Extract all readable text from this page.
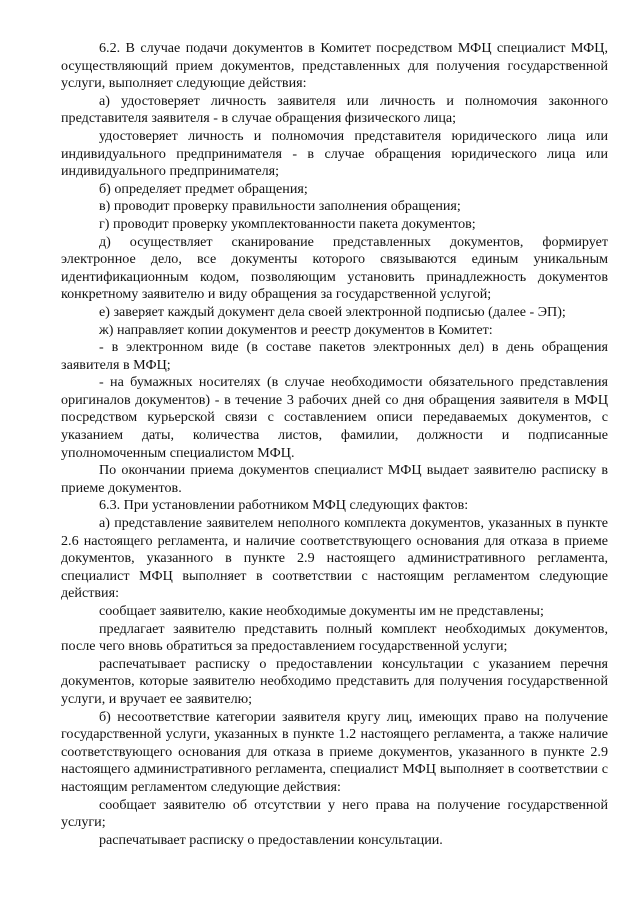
6.2. В случае подачи документов в Комитет посредством МФЦ специалист МФЦ, осуществляющий прием документов, представленных для получения государственной услуги, выполняет следующие действия:

а) удостоверяет личность заявителя или личность и полномочия законного представителя заявителя - в случае обращения физического лица;

удостоверяет личность и полномочия представителя юридического лица или индивидуального предпринимателя - в случае обращения юридического лица или индивидуального предпринимателя;

б) определяет предмет обращения;

в) проводит проверку правильности заполнения обращения;

г) проводит проверку укомплектованности пакета документов;

д) осуществляет сканирование представленных документов, формирует электронное дело, все документы которого связываются единым уникальным идентификационным кодом, позволяющим установить принадлежность документов конкретному заявителю и виду обращения за государственной услугой;

е) заверяет каждый документ дела своей электронной подписью (далее - ЭП);

ж) направляет копии документов и реестр документов в Комитет:

- в электронном виде (в составе пакетов электронных дел) в день обращения заявителя в МФЦ;

- на бумажных носителях (в случае необходимости обязательного представления оригиналов документов) - в течение 3 рабочих дней со дня обращения заявителя в МФЦ посредством курьерской связи с составлением описи передаваемых документов, с указанием даты, количества листов, фамилии, должности и подписанные уполномоченным специалистом МФЦ.

По окончании приема документов специалист МФЦ выдает заявителю расписку в приеме документов.

6.3. При установлении работником МФЦ следующих фактов:

а) представление заявителем неполного комплекта документов, указанных в пункте 2.6 настоящего регламента, и наличие соответствующего основания для отказа в приеме документов, указанного в пункте 2.9 настоящего административного регламента, специалист МФЦ выполняет в соответствии с настоящим регламентом следующие действия:

сообщает заявителю, какие необходимые документы им не представлены;

предлагает заявителю представить полный комплект необходимых документов, после чего вновь обратиться за предоставлением государственной услуги;

распечатывает расписку о предоставлении консультации с указанием перечня документов, которые заявителю необходимо представить для получения государственной услуги, и вручает ее заявителю;

б) несоответствие категории заявителя кругу лиц, имеющих право на получение государственной услуги, указанных в пункте 1.2 настоящего регламента, а также наличие соответствующего основания для отказа в приеме документов, указанного в пункте 2.9 настоящего административного регламента, специалист МФЦ выполняет в соответствии с настоящим регламентом следующие действия:

сообщает заявителю об отсутствии у него права на получение государственной услуги;

распечатывает расписку о предоставлении консультации.
